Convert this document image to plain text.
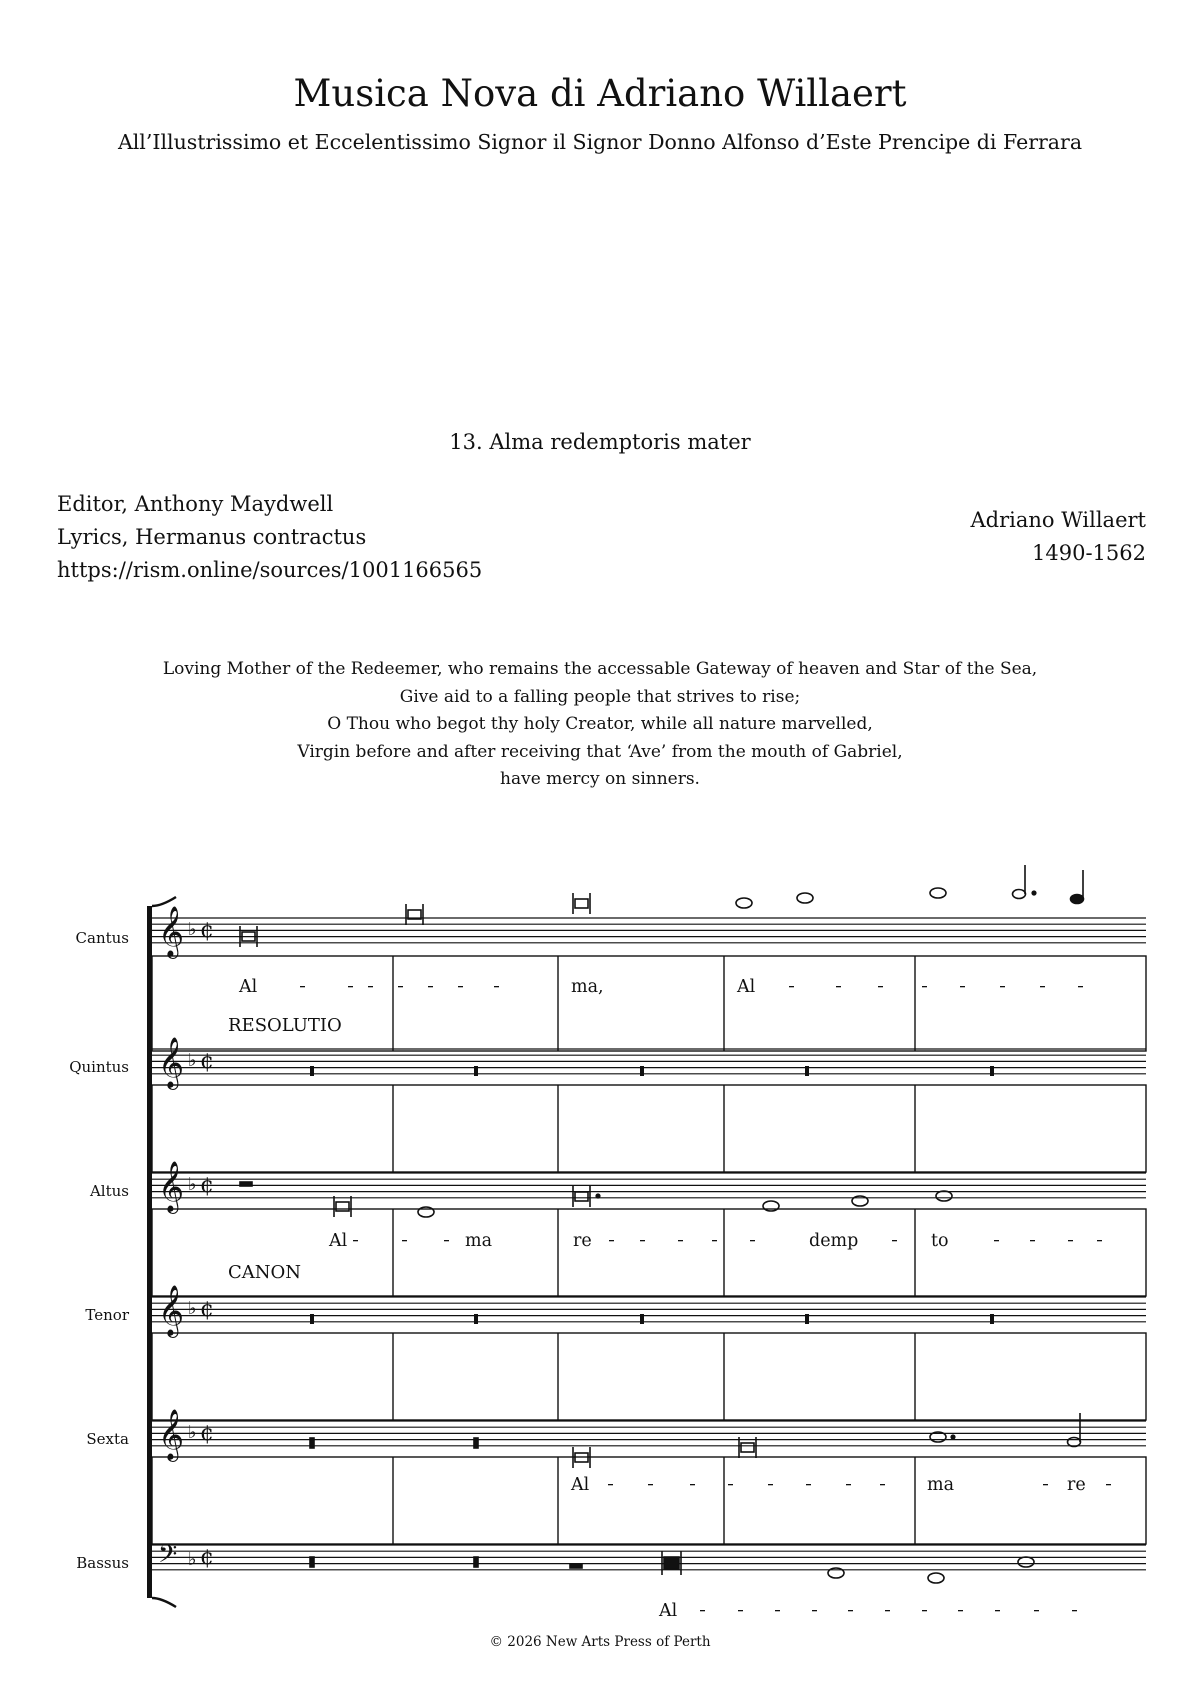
Musica Nova di Adriano Willaert
All’Illustrissimo et Eccelentissimo Signor il Signor Donno Alfonso d’Este Prencipe di Ferrara
13. Alma redemptoris mater
Editor, Anthony Maydwell
Lyrics, Hermanus contractus
https://rism.online/sources/1001166565
Adriano Willaert
1490-1562
Loving Mother of the Redeemer, who remains the accessable Gateway of heaven and Star of the Sea,
Give aid to a falling people that strives to rise;
O Thou who begot thy holy Creator, while all nature marvelled,
Virgin before and after receiving that ‘Ave’ from the mouth of Gabriel,
have mercy on sinners.
Cantus
Quintus
Altus
Tenor
Sexta
Bassus
𝄞 ♭ ¢
𝄞 ♭ ¢
𝄞 ♭ ¢
𝄞 ♭ ¢
𝄞 ♭ ¢
𝄢 ♭ ¢
RESOLUTIO
CANON
Al	ma,	Al
Al	ma	re	demp	to
Al	ma	re
Al
© 2026 New Arts Press of Perth
